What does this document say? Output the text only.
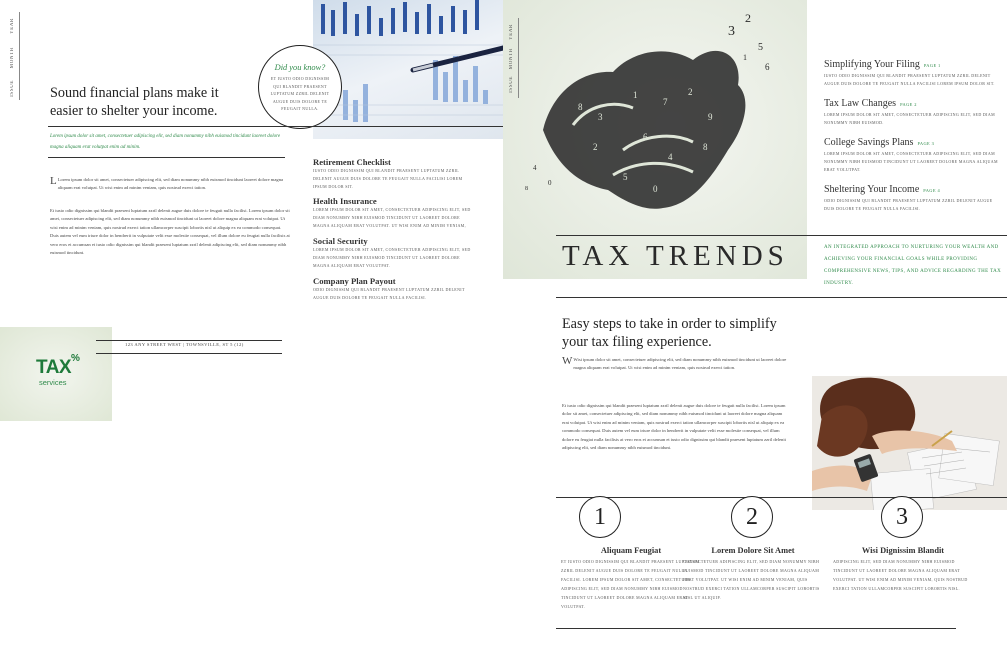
YEAR
MONTH
ISSUE
Did you know?
ET IUSTO ODIO DIGNISSIM QUI BLANDIT PRAESENT LUPTATUM ZZRIL DELENIT AUGUE DUIS DOLORE TE FEUGAIT NULLA.
Sound financial plans make it easier to shelter your income.
Lorem ipsum dolor sit amet, consectetuer adipiscing elit, sed diam nonummy nibh euismod tincidunt laoreet dolore magna aliquam erat volutpat enim ad minim.
L Lorem ipsum dolor sit amet, consectetuer adipiscing elit, sed diam nonummy nibh euismod tincidunt laoreet dolore magna aliquam erat volutpat. Ut wisi enim ad minim veniam, quis nostrud exerci tation.
Et iusto odio dignissim qui blandit praesent luptatum zzril delenit augue duis dolore te feugait nulla facilisi. Lorem ipsum dolor sit amet, consectetuer adipiscing elit, sed diam nonummy nibh euismod tincidunt ut laoreet dolore magna aliquam erat volutpat. Ut wisi enim ad minim veniam, quis nostrud exerci tation ullamcorper suscipit lobortis nisl ut aliquip ex ea commodo consequat. Duis autem vel eum iriure dolor in hendrerit in vulputate velit esse molestie consequat, vel illum dolore eu feugiat nulla facilisis at vero eros et accumsan et iusto odio dignissim qui blandit praesent luptatum zzril delenit adipiscing elit, sed diam nonummy nibh euismod tincidunt.
Retirement Checklist
IUSTO ODIO DIGNISSIM QUI BLANDIT PRAESENT LUPTATUM ZZRIL DELENIT AUGUE DUIS DOLORE TE FEUGAIT NULLA FACILISI LOREM IPSUM DOLOR SIT.
Health Insurance
LOREM IPSUM DOLOR SIT AMET, CONSECTETUER ADIPISCING ELIT, SED DIAM NONUMMY NIBH EUISMOD TINCIDUNT UT LAOREET DOLORE MAGNA ALIQUAM ERAT VOLUTPAT. UT WISI ENIM AD MINIM VENIAM,
Social Security
LOREM IPSUM DOLOR SIT AMET, CONSECTETUER ADIPISCING ELIT, SED DIAM NONUMMY NIBH EUISMOD TINCIDUNT UT LAOREET DOLORE MAGNA ALIQUAM ERAT VOLUTPAT.
Company Plan Payout
ODIO DIGNISSIM QUI BLANDIT PRAESENT LUPTATUM ZZRIL DELENIT AUGUE DUIS DOLORE TE FEUGAIT NULLA FACILISI.
TAX %
services
123 ANY STREET WEST | TOWNSVILLE, ST 5 (12)
8
3
1
7
2
9
6
4
5
0
8
2
3
2
5
6
1
4
8
0
YEAR
MONTH
ISSUE
Simplifying Your Filing PAGE 1
IUSTO ODIO DIGNISSIM QUI BLANDIT PRAESENT LUPTATUM ZZRIL DELENIT AUGUE DUIS DOLORE TE FEUGAIT NULLA FACILISI LOREM IPSUM DOLOR SIT.
Tax Law Changes PAGE 2
LOREM IPSUM DOLOR SIT AMET, CONSECTETUER ADIPISCING ELIT, SED DIAM NONUMMY NIBH EUISMOD.
College Savings Plans PAGE 3
LOREM IPSUM DOLOR SIT AMET, CONSECTETUER ADIPISCING ELIT, SED DIAM NONUMMY NIBH EUISMOD TINCIDUNT UT LAOREET DOLORE MAGNA ALIQUAM ERAT VOLUTPAT.
Sheltering Your Income PAGE 4
ODIO DIGNISSIM QUI BLANDIT PRAESENT LUPTATUM ZZRIL DELENIT AUGUE DUIS DOLORE TE FEUGAIT NULLA FACILISI.
TAX TRENDS	AN INTEGRATED APPROACH TO NURTURING YOUR WEALTH AND ACHIEVING YOUR FINANCIAL GOALS WHILE PROVIDING COMPREHENSIVE NEWS, TIPS, AND ADVICE REGARDING THE TAX INDUSTRY.
Easy steps to take in order to simplify your tax filing experience.
W Wisi ipsum dolor sit amet, consectetuer adipiscing elit, sed diam nonummy nibh euismod tincidunt ut laoreet dolore magna aliquam erat volutpat. Ut wisi enim ad minim veniam, quis nostrud exerci tation.
Et iusto odio dignissim qui blandit praesent luptatum zzril delenit augue duis dolore te feugait nulla facilisi. Lorem ipsum dolor sit amet, consectetuer adipiscing elit, sed diam nonummy nibh euismod tincidunt ut laoreet dolore magna aliquam erat volutpat. Ut wisi enim ad minim veniam, quis nostrud exerci tation ullamcorper suscipit lobortis nisl ut aliquip ex ea commodo consequat. Duis autem vel eum iriure dolor in hendrerit in vulputate velit esse molestie consequat, vel illum dolore eu feugiat nulla facilisis at vero eros et accumsan et iusto odio dignissim qui blandit praesent luptatum zzril delenit adipiscing elit, sed diam nonummy nibh euismod tincidunt.
1	2	3
Aliquam Feugiat
ET IUSTO ODIO DIGNISSIM QUI BLANDIT PRAESENT LUPTATUM ZZRIL DELENIT AUGUE DUIS DOLORE TE FEUGAIT NULLA FACILISI. LOREM IPSUM DOLOR SIT AMET, CONSECTETUER ADIPISCING ELIT, SED DIAM NONUMMY NIBH EUISMOD TINCIDUNT UT LAOREET DOLORE MAGNA ALIQUAM ERAT VOLUTPAT.
Lorem Dolore Sit Amet
CONSECTETUER ADIPISCING ELIT, SED DIAM NONUMMY NIBH EUISMOD TINCIDUNT UT LAOREET DOLORE MAGNA ALIQUAM ERAT VOLUTPAT. UT WISI ENIM AD MINIM VENIAM, QUIS NOSTRUD EXERCI TATION ULLAMCORPER SUSCIPIT LOBORTIS NISL UT ALIQUIP.
Wisi Dignissim Blandit
ADIPISCING ELIT, SED DIAM NONUMMY NIBH EUISMOD TINCIDUNT UT LAOREET DOLORE MAGNA ALIQUAM ERAT VOLUTPAT. UT WISI ENIM AD MINIM VENIAM, QUIS NOSTRUD EXERCI TATION ULLAMCORPER SUSCIPIT LOBORTIS NISL.
